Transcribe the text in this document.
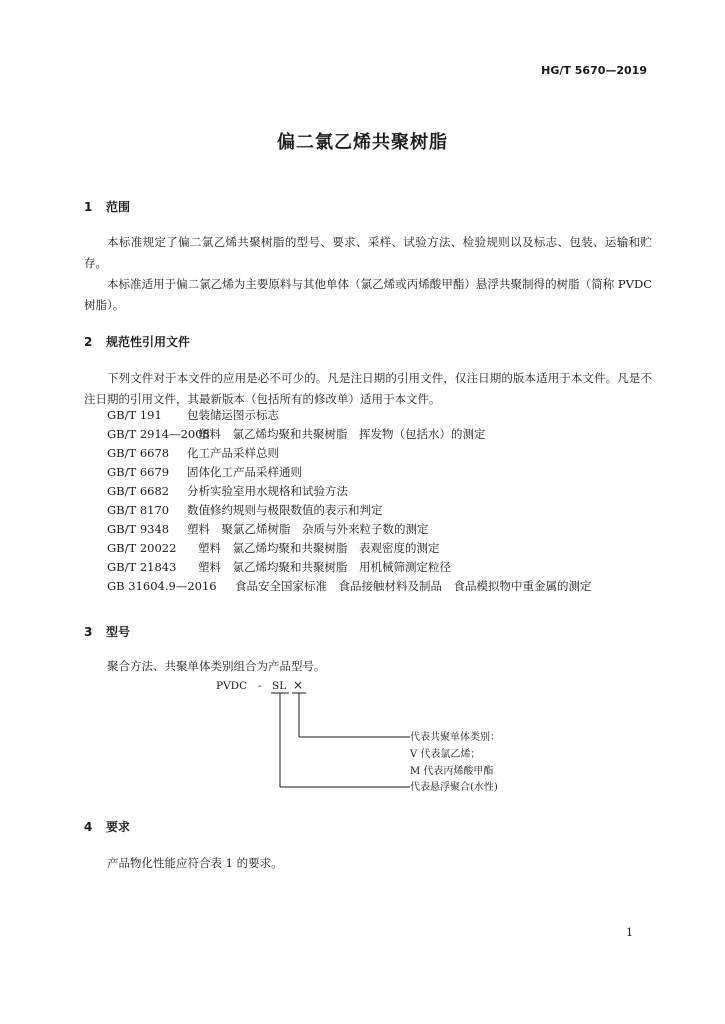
HG/T 5670—2019
偏二氯乙烯共聚树脂
1 范围
本标准规定了偏二氯乙烯共聚树脂的型号、要求、采样、试验方法、检验规则以及标志、包装、运输和贮存。
本标准适用于偏二氯乙烯为主要原料与其他单体（氯乙烯或丙烯酸甲酯）悬浮共聚制得的树脂（简称 PVDC 树脂）。
2 规范性引用文件
下列文件对于本文件的应用是必不可少的。凡是注日期的引用文件，仅注日期的版本适用于本文件。凡是不注日期的引用文件，其最新版本（包括所有的修改单）适用于本文件。
GB/T 191 包装储运图示标志
GB/T 2914—2008塑料　氯乙烯均聚和共聚树脂　挥发物（包括水）的测定
GB/T 6678 化工产品采样总则
GB/T 6679 固体化工产品采样通则
GB/T 6682 分析实验室用水规格和试验方法
GB/T 8170 数值修约规则与极限数值的表示和判定
GB/T 9348 塑料　聚氯乙烯树脂　杂质与外来粒子数的测定
GB/T 20022 塑料　氯乙烯均聚和共聚树脂　表观密度的测定
GB/T 21843 塑料　氯乙烯均聚和共聚树脂　用机械筛测定粒径
GB 31604.9—2016 食品安全国家标准　食品接触材料及制品　食品模拟物中重金属的测定
3 型号
聚合方法、共聚单体类别组合为产品型号。
PVDC - SL ×
代表共聚单体类别：
V 代表氯乙烯；
M 代表丙烯酸甲酯
代表悬浮聚合(水性)
4 要求
产品物化性能应符合表 1 的要求。
1
